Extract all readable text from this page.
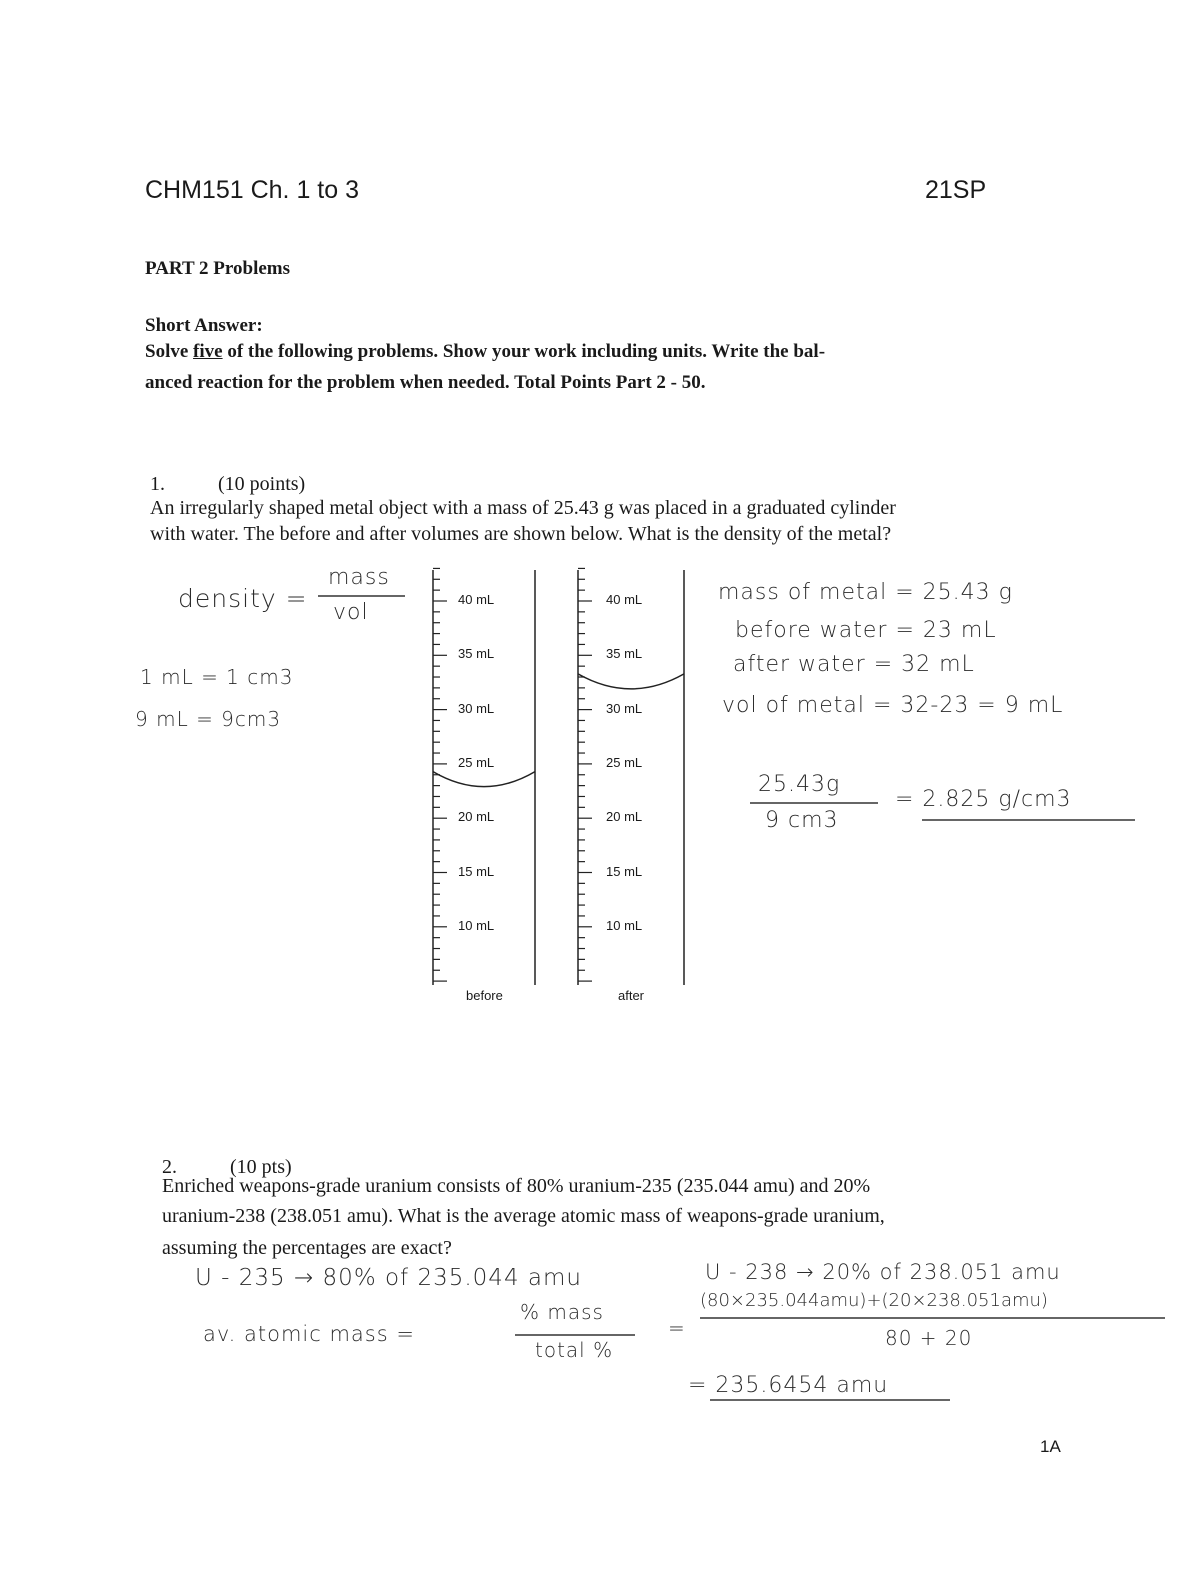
CHM151 Ch. 1 to 3	21SP
PART 2 Problems
Short Answer:
Solve five of the following problems. Show your work including units. Write the bal-
anced reaction for the problem when needed. Total Points Part 2 - 50.
1.	(10 points)
An irregularly shaped metal object with a mass of 25.43 g was placed in a graduated cylinder
with water. The before and after volumes are shown below. What is the density of the metal?
before	after
40 mL
35 mL
30 mL
25 mL
20 mL
15 mL
10 mL
40 mL
35 mL
30 mL
25 mL
20 mL
15 mL
10 mL
density =
mass
vol
1 mL = 1 cm3
9 mL = 9cm3
mass of metal = 25.43 g
before water = 23 mL
after water = 32 mL
vol of metal = 32-23 = 9 mL
25.43g
9 cm3
= 2.825 g/cm3
2.	(10 pts)
Enriched weapons-grade uranium consists of 80% uranium-235 (235.044 amu) and 20%
uranium-238 (238.051 amu). What is the average atomic mass of weapons-grade uranium,
assuming the percentages are exact?
U - 235 → 80% of 235.044 amu	U - 238 → 20% of 238.051 amu
av. atomic mass =
% mass
total %
=
(80×235.044amu)+(20×238.051amu)
80 + 20
= 235.6454 amu
1A
